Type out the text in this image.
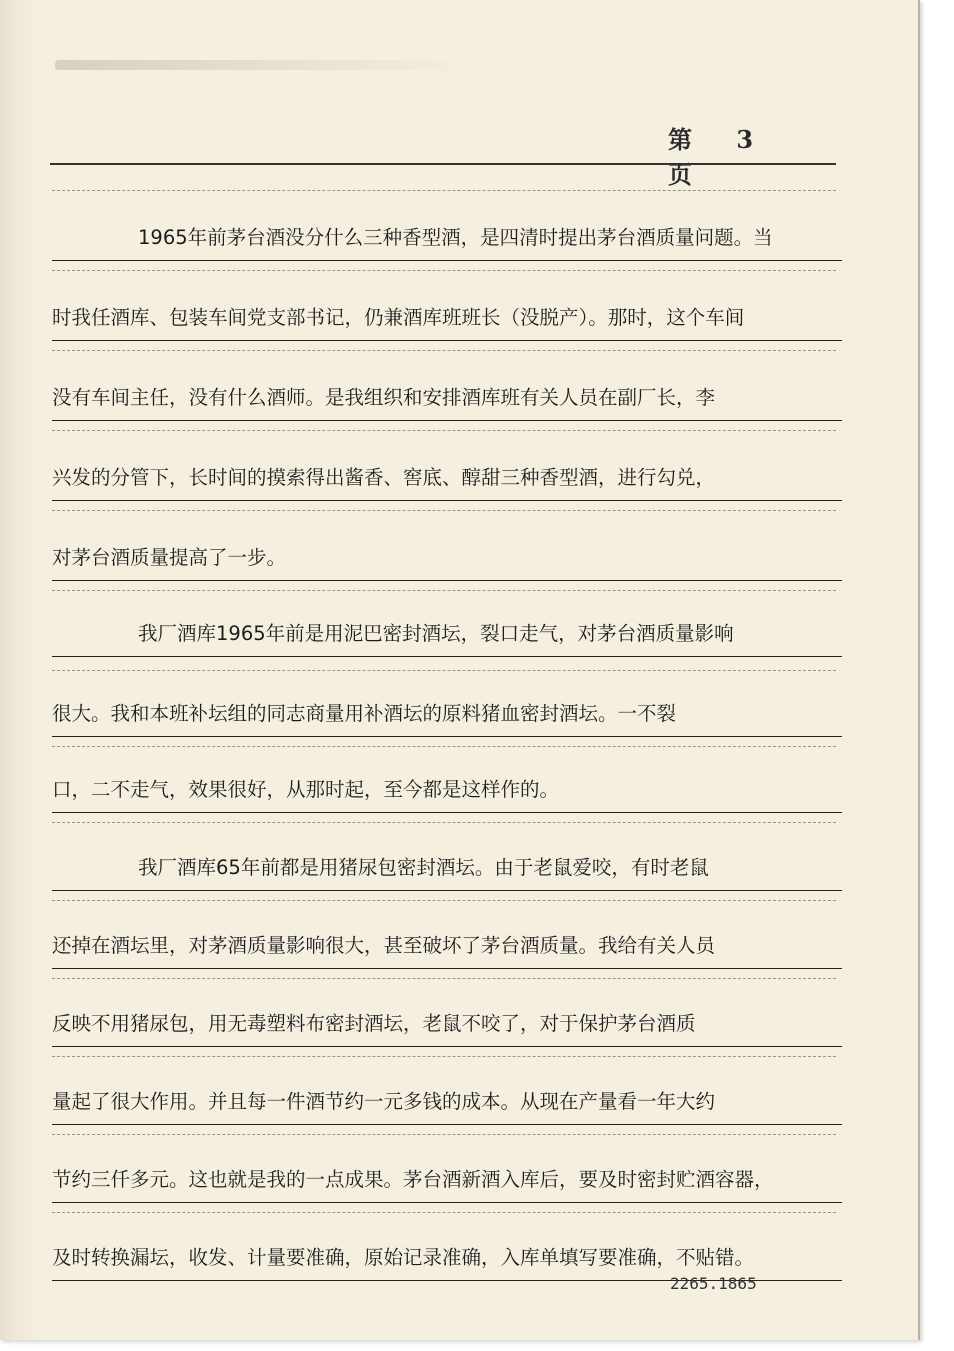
第 3 页
1965年前茅台酒没分什么三种香型酒，是四清时提出茅台酒质量问题。当
时我任酒库、包装车间党支部书记，仍兼酒库班班长（没脱产）。那时，这个车间
没有车间主任，没有什么酒师。是我组织和安排酒库班有关人员在副厂长，李
兴发的分管下，长时间的摸索得出酱香、窖底、醇甜三种香型酒，进行勾兑，
对茅台酒质量提高了一步。
我厂酒库1965年前是用泥巴密封酒坛，裂口走气，对茅台酒质量影响
很大。我和本班补坛组的同志商量用补酒坛的原料猪血密封酒坛。一不裂
口，二不走气，效果很好，从那时起，至今都是这样作的。
我厂酒库65年前都是用猪尿包密封酒坛。由于老鼠爱咬，有时老鼠
还掉在酒坛里，对茅酒质量影响很大，甚至破坏了茅台酒质量。我给有关人员
反映不用猪尿包，用无毒塑料布密封酒坛，老鼠不咬了，对于保护茅台酒质
量起了很大作用。并且每一件酒节约一元多钱的成本。从现在产量看一年大约
节约三仟多元。这也就是我的一点成果。茅台酒新酒入库后，要及时密封贮酒容器，
及时转换漏坛，收发、计量要准确，原始记录准确，入库单填写要准确，不贴错。
2265.1865
